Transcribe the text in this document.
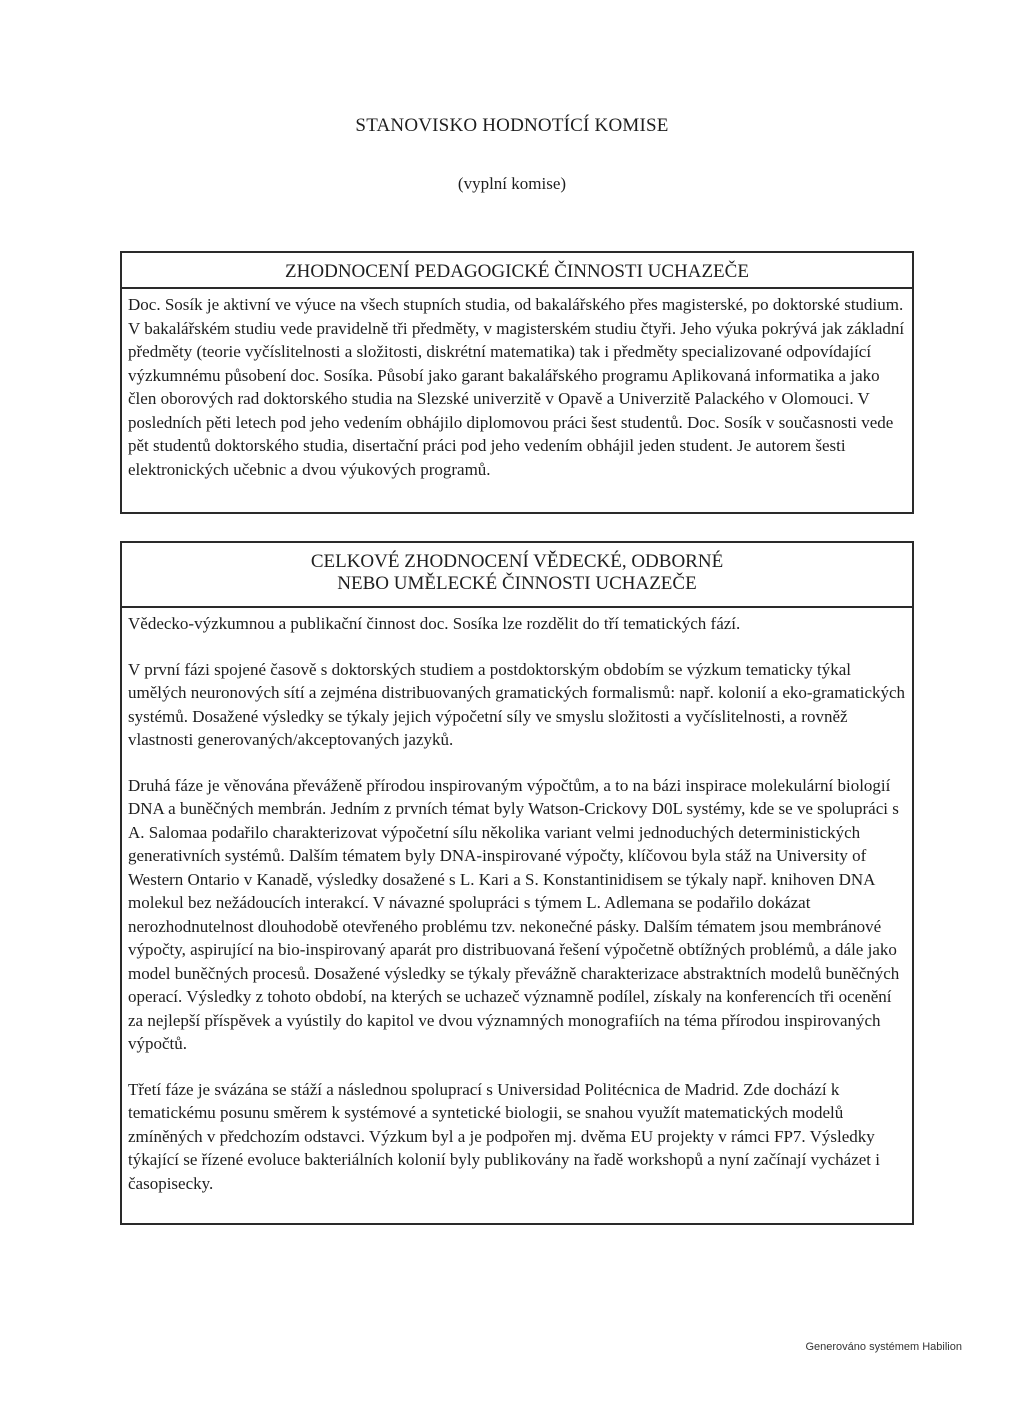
STANOVISKO HODNOTÍCÍ KOMISE
(vyplní komise)
ZHODNOCENÍ PEDAGOGICKÉ ČINNOSTI UCHAZEČE

Doc. Sosík je aktivní ve výuce na všech stupních studia, od bakalářského přes magisterské, po doktorské studium. V bakalářském studiu vede pravidelně tři předměty, v magisterském studiu čtyři. Jeho výuka pokrývá jak základní předměty (teorie vyčíslitelnosti a složitosti, diskrétní matematika) tak i předměty specializované odpovídající výzkumnému působení doc. Sosíka. Působí jako garant bakalářského programu Aplikovaná informatika a jako člen oborových rad doktorského studia na Slezské univerzitě v Opavě a Univerzitě Palackého v Olomouci. V posledních pěti letech pod jeho vedením obhájilo diplomovou práci šest studentů. Doc. Sosík v současnosti vede pět studentů doktorského studia, disertační práci pod jeho vedením obhájil jeden student. Je autorem šesti elektronických učebnic a dvou výukových programů.

CELKOVÉ ZHODNOCENÍ VĚDECKÉ, ODBORNÉ
NEBO UMĚLECKÉ ČINNOSTI UCHAZEČE

Vědecko-výzkumnou a publikační činnost doc. Sosíka lze rozdělit do tří tematických fází.

V první fázi spojené časově s doktorských studiem a postdoktorským obdobím se výzkum tematicky týkal umělých neuronových sítí a zejména distribuovaných gramatických formalismů: např. kolonií a eko-gramatických systémů. Dosažené výsledky se týkaly jejich výpočetní síly ve smyslu složitosti a vyčíslitelnosti, a rovněž vlastnosti generovaných/akceptovaných jazyků.

Druhá fáze je věnována převáženě přírodou inspirovaným výpočtům, a to na bázi inspirace molekulární biologií DNA a buněčných membrán. Jedním z prvních témat byly Watson-Crickovy D0L systémy, kde se ve spolupráci s A. Salomaa podařilo charakterizovat výpočetní sílu několika variant velmi jednoduchých deterministických generativních systémů. Dalším tématem byly DNA-inspirované výpočty, klíčovou byla stáž na University of Western Ontario v Kanadě, výsledky dosažené s L. Kari a S. Konstantinidisem se týkaly např. knihoven DNA molekul bez nežádoucích interakcí. V návazné spolupráci s týmem L. Adlemana se podařilo dokázat nerozhodnutelnost dlouhodobě otevřeného problému tzv. nekonečné pásky. Dalším tématem jsou membránové výpočty, aspirující na bio-inspirovaný aparát pro distribuovaná řešení výpočetně obtížných problémů, a dále jako model buněčných procesů. Dosažené výsledky se týkaly převážně charakterizace abstraktních modelů buněčných operací. Výsledky z tohoto období, na kterých se uchazeč významně podílel, získaly na konferencích tři ocenění za nejlepší příspěvek a vyústily do kapitol ve dvou významných monografiích na téma přírodou inspirovaných výpočtů.

Třetí fáze je svázána se stáží a následnou spoluprací s Universidad Politécnica de Madrid. Zde dochází k tematickému posunu směrem k systémové a syntetické biologii, se snahou využít matematických modelů zmíněných v předchozím odstavci. Výzkum byl a je podpořen mj. dvěma EU projekty v rámci FP7. Výsledky týkající se řízené evoluce bakteriálních kolonií byly publikovány na řadě workshopů a nyní začínají vycházet i časopisecky.

Generováno systémem Habilion
